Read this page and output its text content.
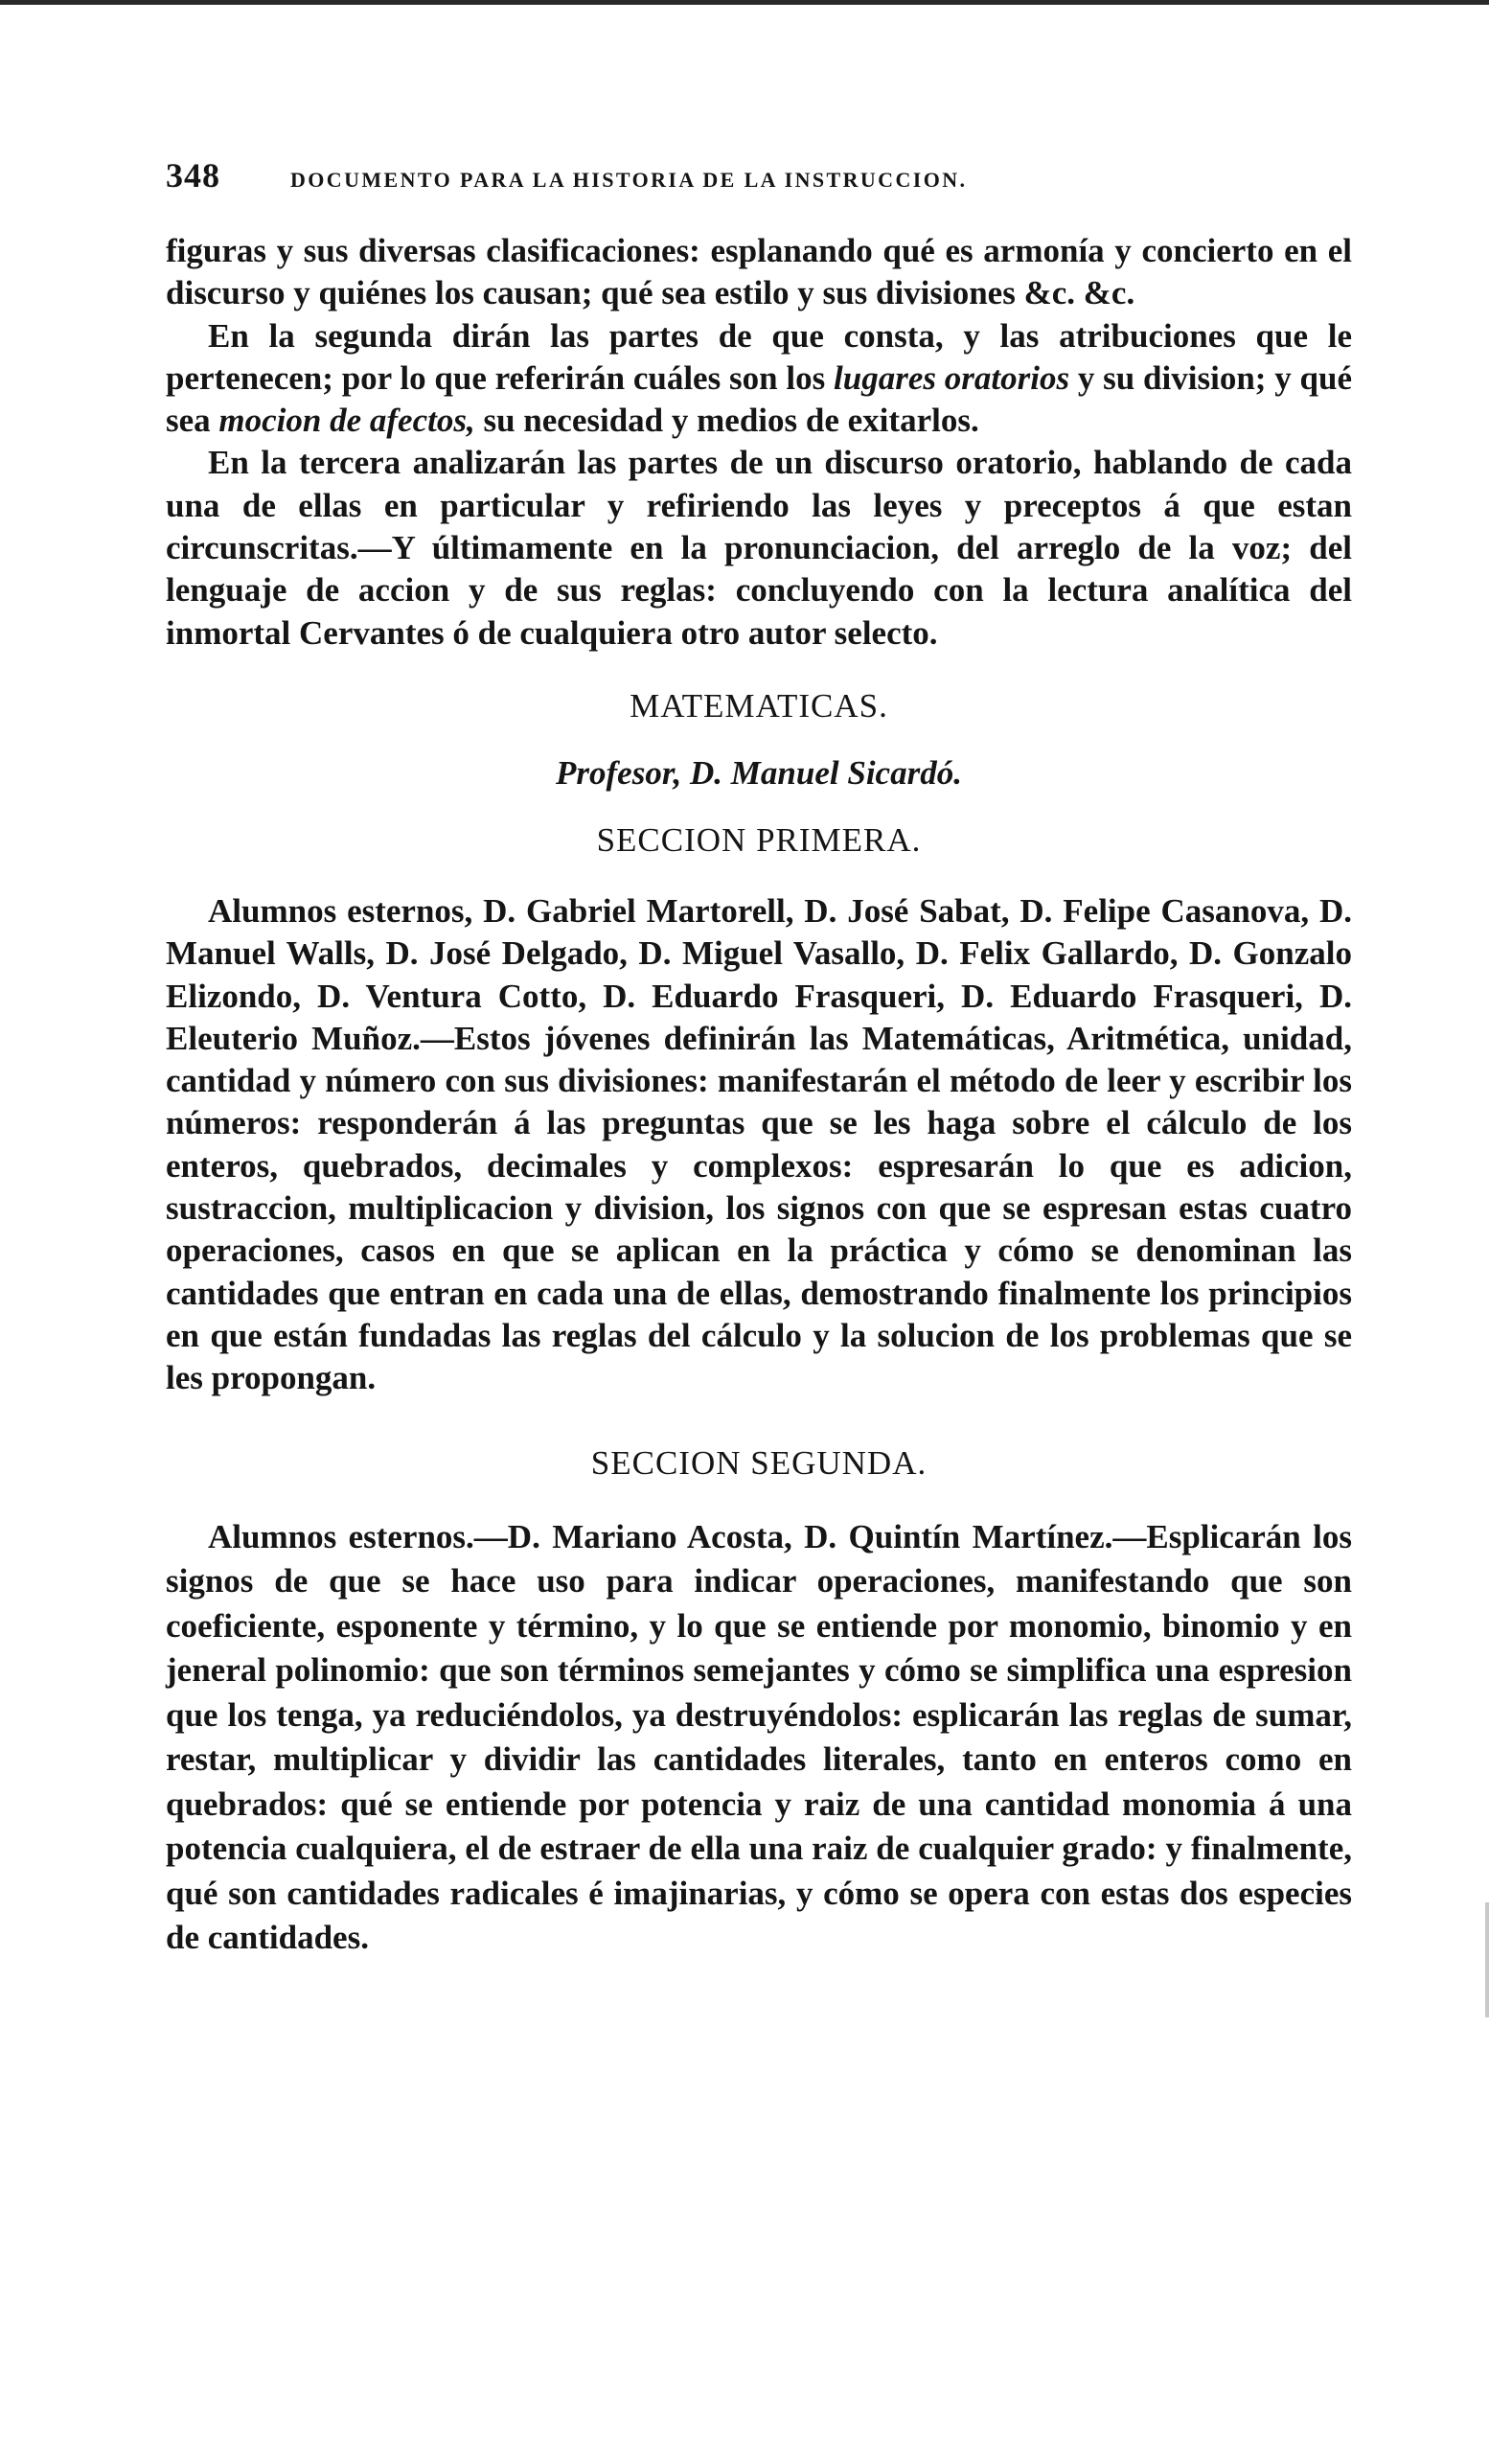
348	DOCUMENTO PARA LA HISTORIA DE LA INSTRUCCION.

figuras y sus diversas clasificaciones: esplanando qué es armonía y concierto en el discurso y quiénes los causan; qué sea estilo y sus divisiones &c. &c.

En la segunda dirán las partes de que consta, y las atribuciones que le pertenecen; por lo que referirán cuáles son los lugares oratorios y su division; y qué sea mocion de afectos, su necesidad y medios de exitarlos.

En la tercera analizarán las partes de un discurso oratorio, hablando de cada una de ellas en particular y refiriendo las leyes y preceptos á que estan circunscritas.—Y últimamente en la pronunciacion, del arreglo de la voz; del lenguaje de accion y de sus reglas: concluyendo con la lectura analítica del inmortal Cervantes ó de cualquiera otro autor selecto.

MATEMATICAS.

Profesor, D. Manuel Sicardó.

SECCION PRIMERA.

Alumnos esternos, D. Gabriel Martorell, D. José Sabat, D. Felipe Casanova, D. Manuel Walls, D. José Delgado, D. Miguel Vasallo, D. Felix Gallardo, D. Gonzalo Elizondo, D. Ventura Cotto, D. Eduardo Frasqueri, D. Eduardo Frasqueri, D. Eleuterio Muñoz.—Estos jóvenes definirán las Matemáticas, Aritmética, unidad, cantidad y número con sus divisiones: manifestarán el método de leer y escribir los números: responderán á las preguntas que se les haga sobre el cálculo de los enteros, quebrados, decimales y complexos: espresarán lo que es adicion, sustraccion, multiplicacion y division, los signos con que se espresan estas cuatro operaciones, casos en que se aplican en la práctica y cómo se denominan las cantidades que entran en cada una de ellas, demostrando finalmente los principios en que están fundadas las reglas del cálculo y la solucion de los problemas que se les propongan.

SECCION SEGUNDA.

Alumnos esternos.—D. Mariano Acosta, D. Quintín Martínez.—Esplicarán los signos de que se hace uso para indicar operaciones, manifestando que son coeficiente, esponente y término, y lo que se entiende por monomio, binomio y en jeneral polinomio: que son términos semejantes y cómo se simplifica una espresion que los tenga, ya reduciéndolos, ya destruyéndolos: esplicarán las reglas de sumar, restar, multiplicar y dividir las cantidades literales, tanto en enteros como en quebrados: qué se entiende por potencia y raiz de una cantidad monomia á una potencia cualquiera, el de estraer de ella una raiz de cualquier grado: y finalmente, qué son cantidades radicales é imajinarias, y cómo se opera con estas dos especies de cantidades.
